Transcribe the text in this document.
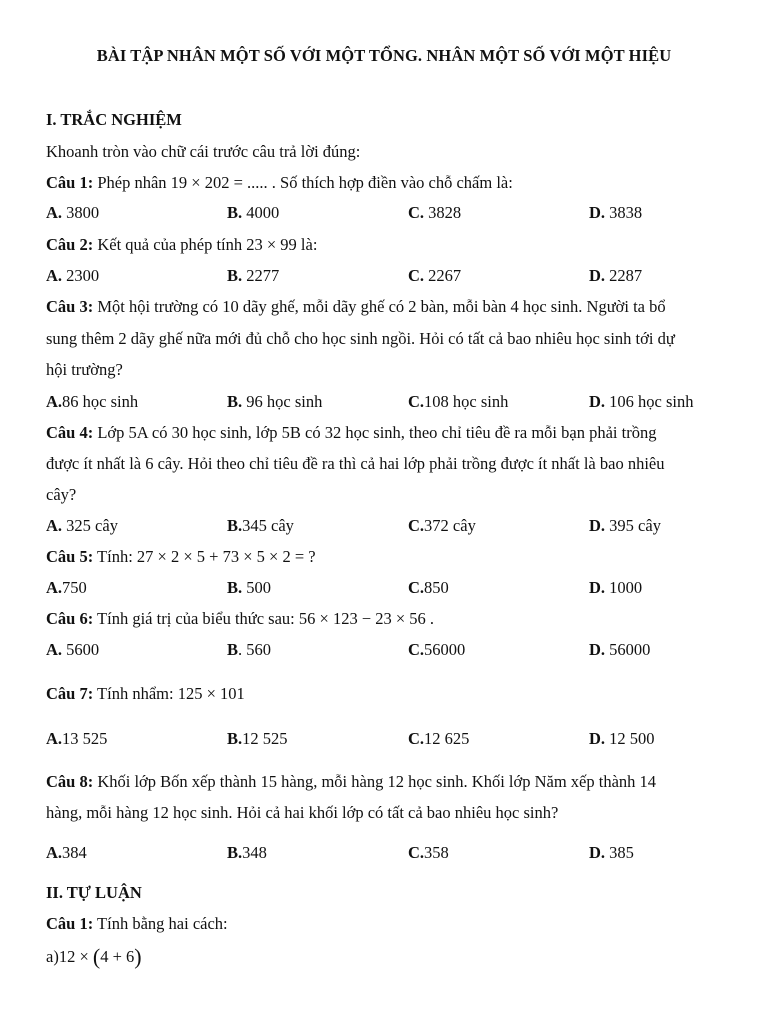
BÀI TẬP NHÂN MỘT SỐ VỚI MỘT TỔNG. NHÂN MỘT SỐ VỚI MỘT HIỆU
I. TRẮC NGHIỆM
Khoanh tròn vào chữ cái trước câu trả lời đúng:
Câu 1: Phép nhân 19 × 202 = ..... . Số thích hợp điền vào chỗ chấm là:
A. 3800	B. 4000	C. 3828	D. 3838
Câu 2: Kết quả của phép tính 23 × 99 là:
A. 2300	B. 2277	C. 2267	D. 2287
Câu 3: Một hội trường có 10 dãy ghế, mỗi dãy ghế có 2 bàn, mỗi bàn 4 học sinh. Người ta bổ
sung thêm 2 dãy ghế nữa mới đủ chỗ cho học sinh ngồi. Hỏi có tất cả bao nhiêu học sinh tới dự
hội trường?
A.86 học sinh	B. 96 học sinh	C.108 học sinh	D. 106 học sinh
Câu 4: Lớp 5A có 30 học sinh, lớp 5B có 32 học sinh, theo chỉ tiêu đề ra mỗi bạn phải trồng
được ít nhất là 6 cây. Hỏi theo chỉ tiêu đề ra thì cả hai lớp phải trồng được ít nhất là bao nhiêu
cây?
A. 325 cây	B.345 cây	C.372 cây	D. 395 cây
Câu 5: Tính: 27 × 2 × 5 + 73 × 5 × 2 = ?
A.750	B. 500	C.850	D. 1000
Câu 6: Tính giá trị của biểu thức sau: 56 × 123 − 23 × 56 .
A. 5600	B. 560	C.56000	D. 56000
Câu 7: Tính nhẩm: 125 × 101
A.13 525	B.12 525	C.12 625	D. 12 500
Câu 8: Khối lớp Bốn xếp thành 15 hàng, mỗi hàng 12 học sinh. Khối lớp Năm xếp thành 14
hàng, mỗi hàng 12 học sinh. Hỏi cả hai khối lớp có tất cả bao nhiêu học sinh?
A.384	B.348	C.358	D. 385
II. TỰ LUẬN
Câu 1: Tính bằng hai cách:
a)12 × (4 + 6)
